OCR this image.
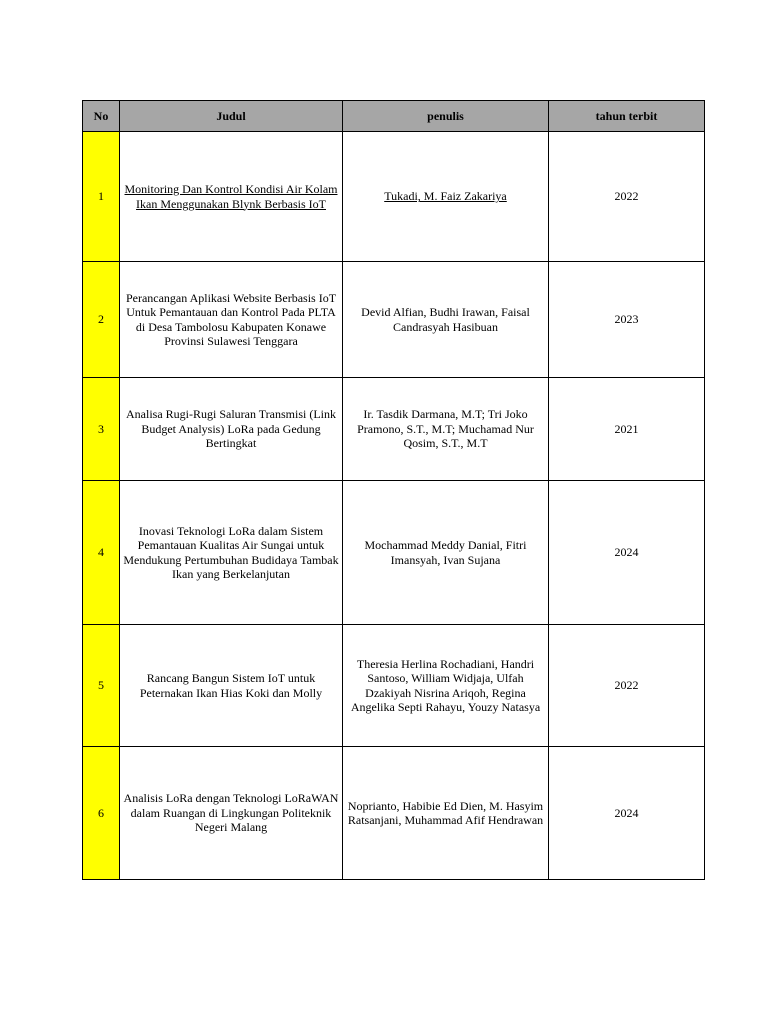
No	Judul	penulis	tahun terbit
1	Monitoring Dan Kontrol Kondisi Air Kolam Ikan Menggunakan Blynk Berbasis IoT	Tukadi, M. Faiz Zakariya	2022
2	Perancangan Aplikasi Website Berbasis IoT Untuk Pemantauan dan Kontrol Pada PLTA di Desa Tambolosu Kabupaten Konawe Provinsi Sulawesi Tenggara	Devid Alfian, Budhi Irawan, Faisal Candrasyah Hasibuan	2023
3	Analisa Rugi-Rugi Saluran Transmisi (Link Budget Analysis) LoRa pada Gedung Bertingkat	Ir. Tasdik Darmana, M.T; Tri Joko Pramono, S.T., M.T; Muchamad Nur Qosim, S.T., M.T	2021
4	Inovasi Teknologi LoRa dalam Sistem Pemantauan Kualitas Air Sungai untuk Mendukung Pertumbuhan Budidaya Tambak Ikan yang Berkelanjutan	Mochammad Meddy Danial, Fitri Imansyah, Ivan Sujana	2024
5	Rancang Bangun Sistem IoT untuk Peternakan Ikan Hias Koki dan Molly	Theresia Herlina Rochadiani, Handri Santoso, William Widjaja, Ulfah Dzakiyah Nisrina Ariqoh, Regina Angelika Septi Rahayu, Youzy Natasya	2022
6	Analisis LoRa dengan Teknologi LoRaWAN dalam Ruangan di Lingkungan Politeknik Negeri Malang	Noprianto, Habibie Ed Dien, M. Hasyim Ratsanjani, Muhammad Afif Hendrawan	2024
